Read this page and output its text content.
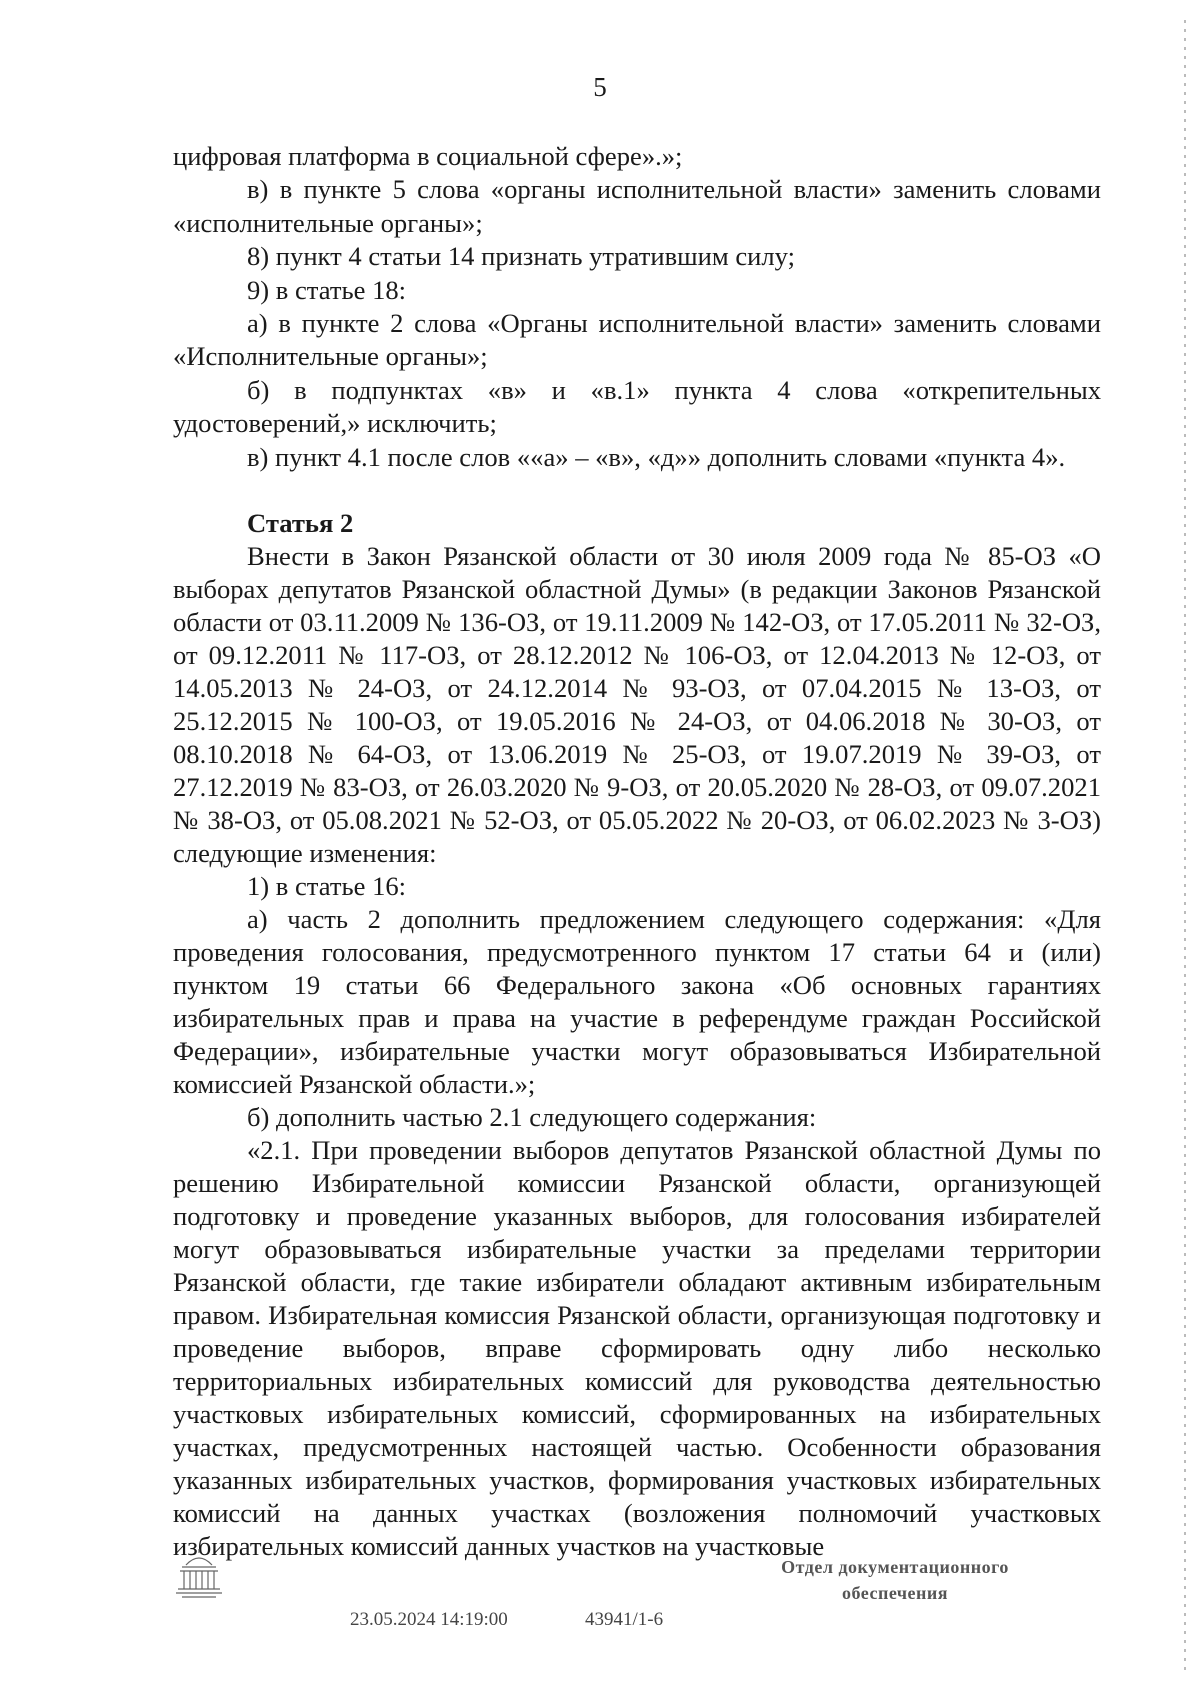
5

цифровая платформа в социальной сфере».»;

в) в пункте 5 слова «органы исполнительной власти» заменить словами «исполнительные органы»;

8) пункт 4 статьи 14 признать утратившим силу;

9) в статье 18:

а) в пункте 2 слова «Органы исполнительной власти» заменить словами «Исполнительные органы»;

б) в подпунктах «в» и «в.1» пункта 4 слова «открепительных удостоверений,» исключить;

в) пункт 4.1 после слов ««а» – «в», «д»» дополнить словами «пункта 4».

Статья 2

Внести в Закон Рязанской области от 30 июля 2009 года № 85-ОЗ «О выборах депутатов Рязанской областной Думы» (в редакции Законов Рязанской области от 03.11.2009 № 136-ОЗ, от 19.11.2009 № 142-ОЗ, от 17.05.2011 № 32-ОЗ, от 09.12.2011 № 117-ОЗ, от 28.12.2012 № 106-ОЗ, от 12.04.2013 № 12-ОЗ, от 14.05.2013 № 24-ОЗ, от 24.12.2014 № 93-ОЗ, от 07.04.2015 № 13-ОЗ, от 25.12.2015 № 100-ОЗ, от 19.05.2016 № 24-ОЗ, от 04.06.2018 № 30-ОЗ, от 08.10.2018 № 64-ОЗ, от 13.06.2019 № 25-ОЗ, от 19.07.2019 № 39-ОЗ, от 27.12.2019 № 83-ОЗ, от 26.03.2020 № 9-ОЗ, от 20.05.2020 № 28-ОЗ, от 09.07.2021 № 38-ОЗ, от 05.08.2021 № 52-ОЗ, от 05.05.2022 № 20-ОЗ, от 06.02.2023 № 3-ОЗ) следующие изменения:

1) в статье 16:

а) часть 2 дополнить предложением следующего содержания: «Для проведения голосования, предусмотренного пунктом 17 статьи 64 и (или) пунктом 19 статьи 66 Федерального закона «Об основных гарантиях избирательных прав и права на участие в референдуме граждан Российской Федерации», избирательные участки могут образовываться Избирательной комиссией Рязанской области.»;

б) дополнить частью 2.1 следующего содержания:

«2.1. При проведении выборов депутатов Рязанской областной Думы по решению Избирательной комиссии Рязанской области, организующей подготовку и проведение указанных выборов, для голосования избирателей могут образовываться избирательные участки за пределами территории Рязанской области, где такие избиратели обладают активным избирательным правом. Избирательная комиссия Рязанской области, организующая подготовку и проведение выборов, вправе сформировать одну либо несколько территориальных избирательных комиссий для руководства деятельностью участковых избирательных комиссий, сформированных на избирательных участках, предусмотренных настоящей частью. Особенности образования указанных избирательных участков, формирования участковых избирательных комиссий на данных участках (возложения полномочий участковых избирательных комиссий данных участков на участковые

23.05.2024 14:19:00	43941/1-6
Отдел документационного
обеспечения
